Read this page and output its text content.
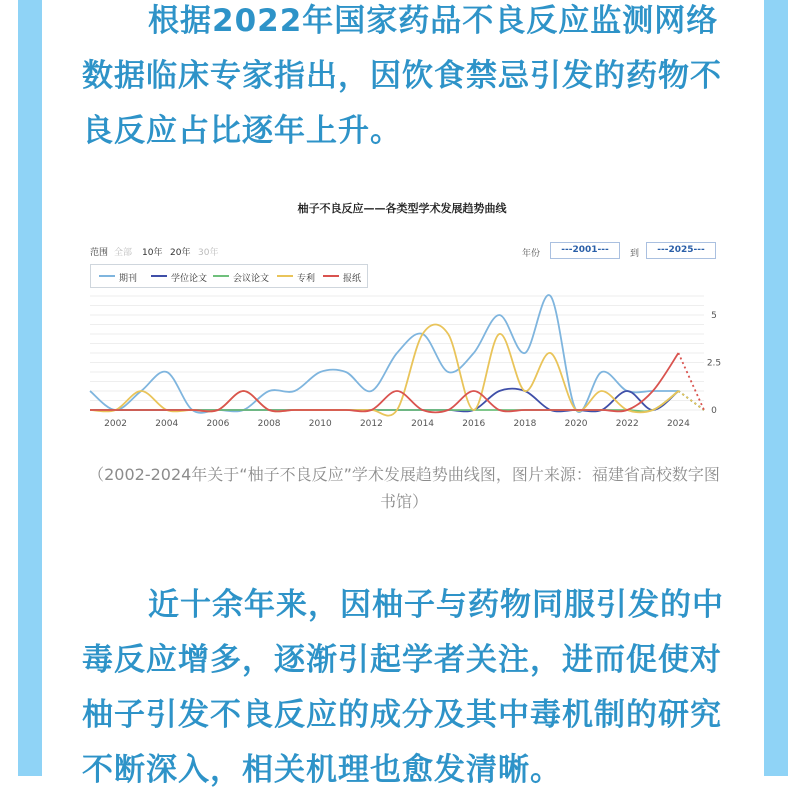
根据2022年国家药品不良反应监测网络数据临床专家指出，因饮食禁忌引发的药物不良反应占比逐年上升。

柚子不良反应——各类型学术发展趋势曲线
范围 全部 10年 20年 30年	年份	---2001---	到	---2025---
期刊	学位论文	会议论文	专利	报纸
2002	2004	2006	2008	2010	2012	2014	2016	2018	2020	2022	2024
0
2.5
5

（2002-2024年关于“柚子不良反应”学术发展趋势曲线图，图片来源：福建省高校数字图书馆）

近十余年来，因柚子与药物同服引发的中毒反应增多，逐渐引起学者关注，进而促使对柚子引发不良反应的成分及其中毒机制的研究不断深入，相关机理也愈发清晰。
